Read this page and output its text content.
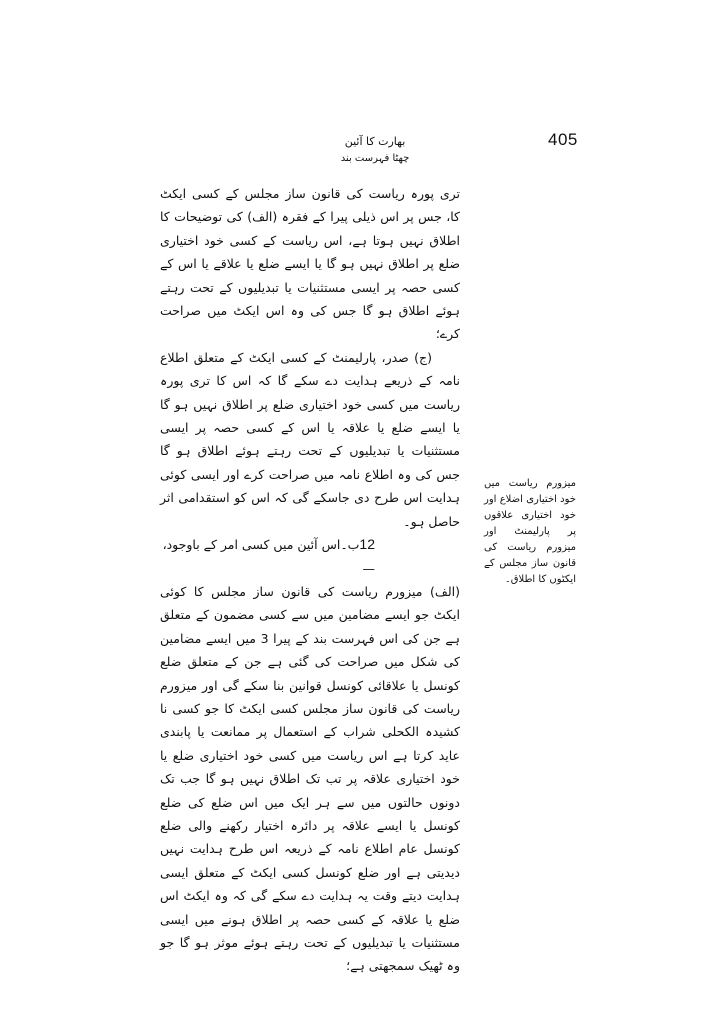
405
بھارت کا آئین
چھٹا فہرست بند

تری پورہ ریاست کی قانون ساز مجلس کے کسی ایکٹ کا، جس پر اس ذیلی پیرا کے فقرہ (الف) کی توضیحات کا اطلاق نہیں ہوتا ہے، اس ریاست کے کسی خود اختیاری ضلع پر اطلاق نہیں ہو گا یا ایسے ضلع یا علاقے یا اس کے کسی حصہ پر ایسی مستثنیات یا تبدیلیوں کے تحت رہتے ہوئے اطلاق ہو گا جس کی وہ اس ایکٹ میں صراحت کرے؛

(ج) صدر، پارلیمنٹ کے کسی ایکٹ کے متعلق اطلاع نامہ کے ذریعے ہدایت دے سکے گا کہ اس کا تری پورہ ریاست میں کسی خود اختیاری ضلع پر اطلاق نہیں ہو گا یا ایسے ضلع یا علاقہ یا اس کے کسی حصہ پر ایسی مستثنیات یا تبدیلیوں کے تحت رہتے ہوئے اطلاق ہو گا جس کی وہ اطلاع نامہ میں صراحت کرے اور ایسی کوئی ہدایت اس طرح دی جاسکے گی کہ اس کو استقدامی اثر حاصل ہو۔

12ب۔اس آئین میں کسی امر کے باوجود، —

(الف) میزورم ریاست کی قانون ساز مجلس کا کوئی ایکٹ جو ایسے مضامین میں سے کسی مضمون کے متعلق ہے جن کی اس فہرست بند کے پیرا 3 میں ایسے مضامین کی شکل میں صراحت کی گئی ہے جن کے متعلق ضلع کونسل یا علاقائی کونسل قوانین بنا سکے گی اور میزورم ریاست کی قانون ساز مجلس کسی ایکٹ کا جو کسی نا کشیدہ الکحلی شراب کے استعمال پر ممانعت یا پابندی عاید کرتا ہے اس ریاست میں کسی خود اختیاری ضلع یا خود اختیاری علاقہ پر تب تک اطلاق نہیں ہو گا جب تک دونوں حالتوں میں سے ہر ایک میں اس ضلع کی ضلع کونسل یا ایسے علاقہ پر دائرہ اختیار رکھنے والی ضلع کونسل عام اطلاع نامہ کے ذریعہ اس طرح ہدایت نہیں دیدیتی ہے اور ضلع کونسل کسی ایکٹ کے متعلق ایسی ہدایت دیتے وقت یہ ہدایت دے سکے گی کہ وہ ایکٹ اس ضلع یا علاقہ کے کسی حصہ پر اطلاق ہونے میں ایسی مستثنیات یا تبدیلیوں کے تحت رہتے ہوئے موثر ہو گا جو وہ ٹھیک سمجھتی ہے؛

میزورم ریاست میں خود اختیاری اضلاع اور خود اختیاری علاقوں پر پارلیمنٹ اور میزورم ریاست کی قانون ساز مجلس کے ایکٹوں کا اطلاق۔
